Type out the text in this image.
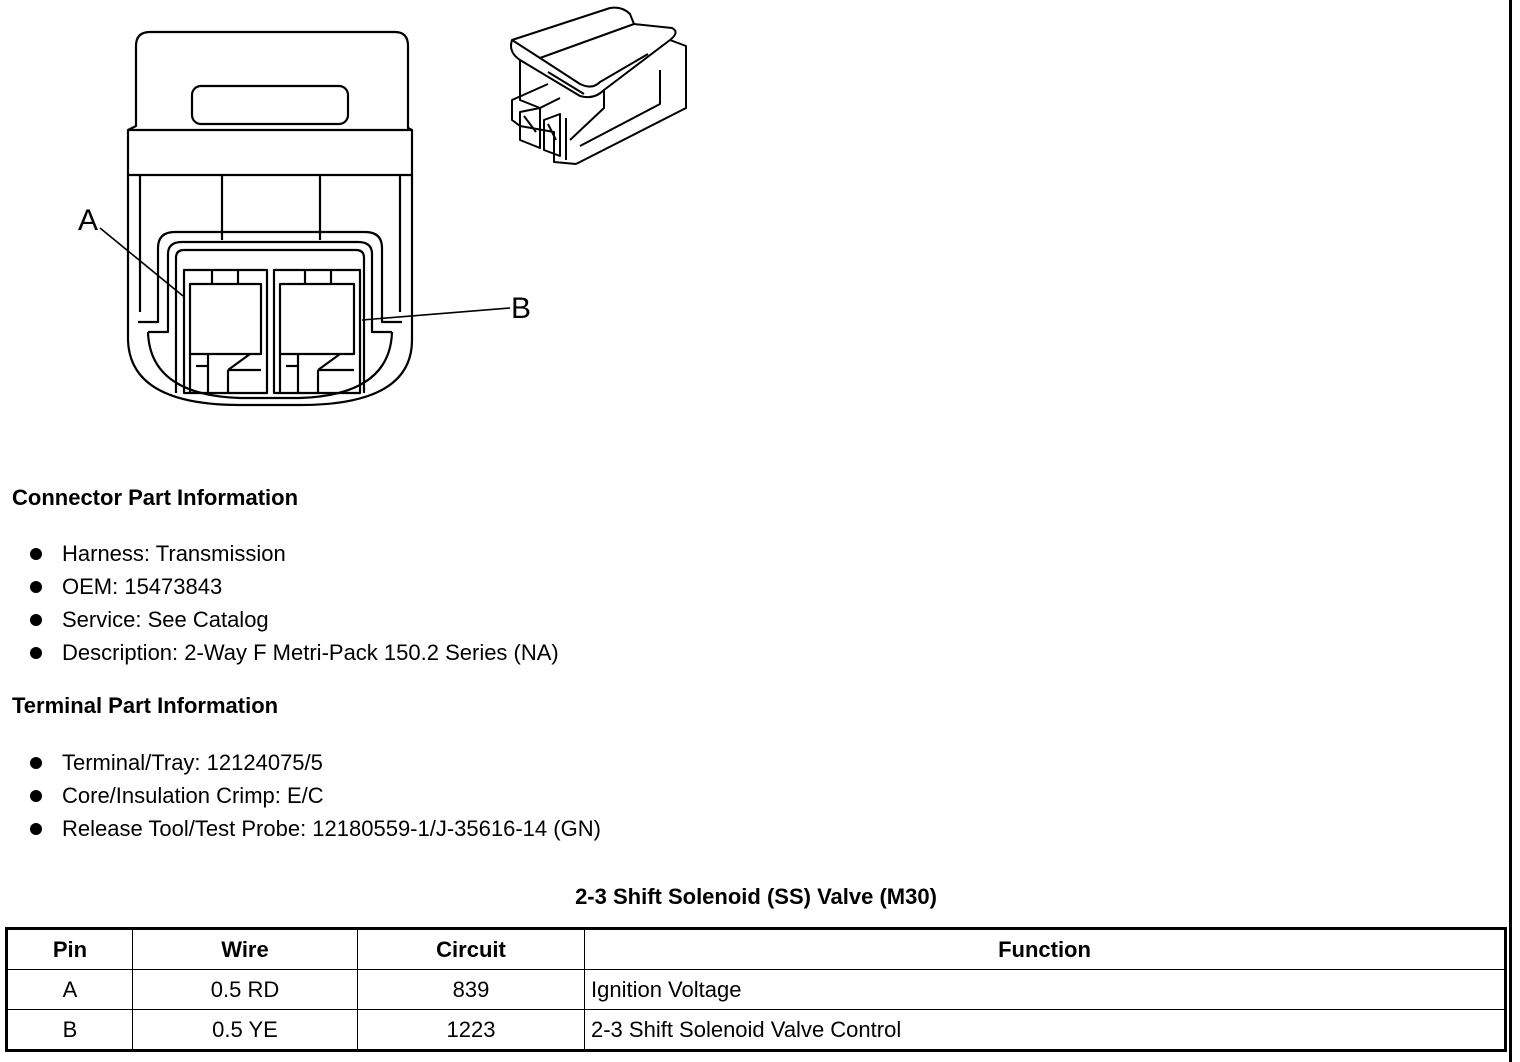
A
B
Connector Part Information
Harness: Transmission
OEM: 15473843
Service: See Catalog
Description: 2-Way F Metri-Pack 150.2 Series (NA)
Terminal Part Information
Terminal/Tray: 12124075/5
Core/Insulation Crimp: E/C
Release Tool/Test Probe: 12180559-1/J-35616-14 (GN)
2-3 Shift Solenoid (SS) Valve (M30)
Pin	Wire	Circuit	Function
A	0.5 RD	839	Ignition Voltage
B	0.5 YE	1223	2-3 Shift Solenoid Valve Control
